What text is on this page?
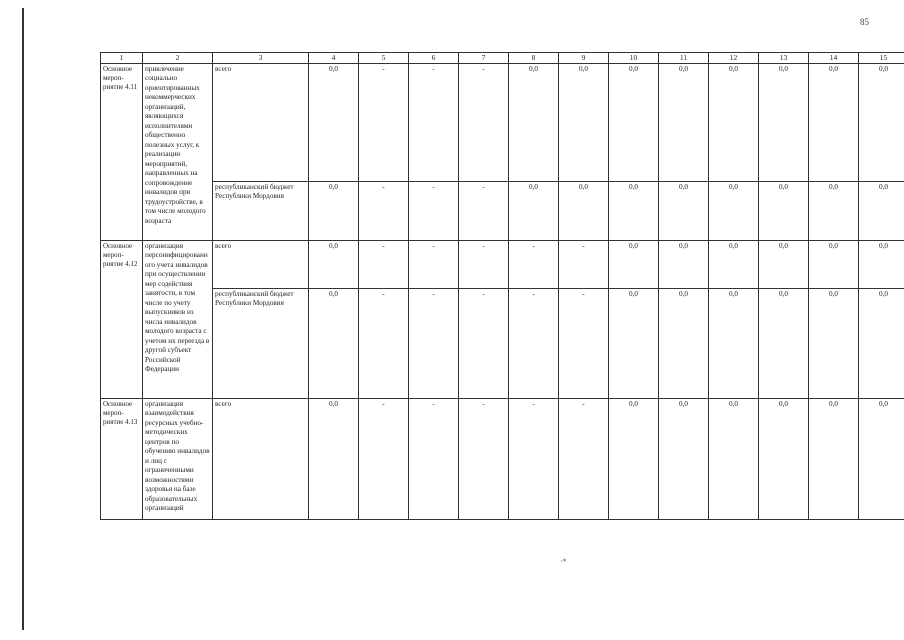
85
·*
1	2	3	4	5	6	7	8	9	10	11	12	13	14	15
Основное мероп-риятие 4.11	привлечение социально ориентированных некоммерческих организаций, являющихся исполнителями общественно полезных услуг, к реализации мероприятий, направленных на сопровождение инвалидов при трудоустройстве, в том числе молодого возраста	всего	0,0	-	-	-	0,0	0,0	0,0	0,0	0,0	0,0	0,0	0,0
		республиканский бюджет Республики Мордовия	0,0	-	-	-	0,0	0,0	0,0	0,0	0,0	0,0	0,0	0,0
Основное мероп-риятие 4.12	организация персонифицированного учета инвалидов при осуществлении мер содействия занятости, в том числе по учету выпускников из числа инвалидов молодого возраста с учетом их переезда в другой субъект Российской Федерации	всего	0,0	-	-	-	-	-	0,0	0,0	0,0	0,0	0,0	0,0
		республиканский бюджет Республики Мордовия	0,0	-	-	-	-	-	0,0	0,0	0,0	0,0	0,0	0,0
Основное мероп-риятие 4.13	организация взаимодействия ресурсных учебно-методических центров по обучению инвалидов и лиц с ограниченными возможностями здоровья на базе образовательных организаций	всего	0,0	-	-	-	-	-	0,0	0,0	0,0	0,0	0,0	0,0
